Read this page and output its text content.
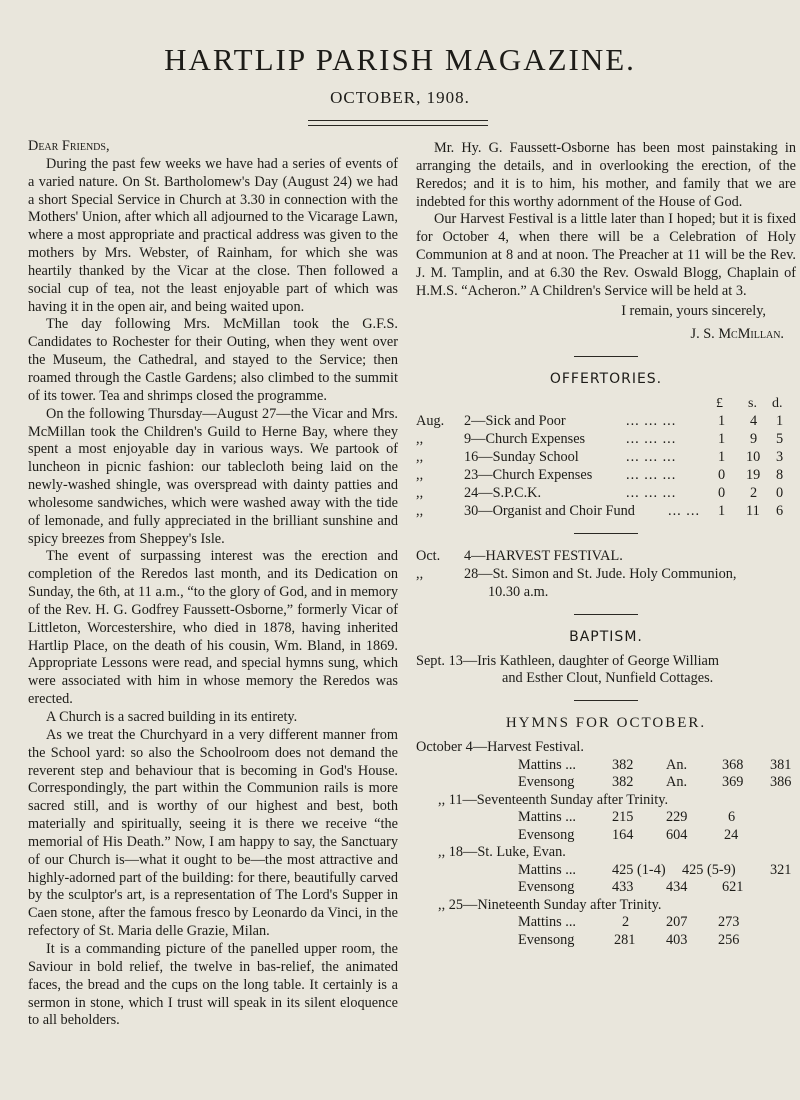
HARTLIP PARISH MAGAZINE.
OCTOBER, 1908.

Dear Friends,

During the past few weeks we have had a series of events of a varied nature. On St. Bartholomew's Day (August 24) we had a short Special Service in Church at 3.30 in connection with the Mothers' Union, after which all adjourned to the Vicarage Lawn, where a most appropriate and practical address was given to the mothers by Mrs. Webster, of Rainham, for which she was heartily thanked by the Vicar at the close. Then followed a social cup of tea, not the least enjoyable part of which was having it in the open air, and being waited upon.

The day following Mrs. McMillan took the G.F.S. Candidates to Rochester for their Outing, when they went over the Museum, the Cathedral, and stayed to the Service; then roamed through the Castle Gardens; also climbed to the summit of its tower. Tea and shrimps closed the programme.

On the following Thursday—August 27—the Vicar and Mrs. McMillan took the Children's Guild to Herne Bay, where they spent a most enjoyable day in various ways. We partook of luncheon in picnic fashion: our tablecloth being laid on the newly-washed shingle, was overspread with dainty patties and wholesome sandwiches, which were washed away with the tide of lemonade, and fully appreciated in the brilliant sunshine and spicy breezes from Sheppey's Isle.

The event of surpassing interest was the erection and completion of the Reredos last month, and its Dedication on Sunday, the 6th, at 11 a.m., “to the glory of God, and in memory of the Rev. H. G. Godfrey Faussett-Osborne,” formerly Vicar of Littleton, Worcestershire, who died in 1878, having inherited Hartlip Place, on the death of his cousin, Wm. Bland, in 1869. Appropriate Lessons were read, and special hymns sung, which were associated with him in whose memory the Reredos was erected.

A Church is a sacred building in its entirety.

As we treat the Churchyard in a very different manner from the School yard: so also the Schoolroom does not demand the reverent step and behaviour that is becoming in God's House. Correspondingly, the part within the Communion rails is more sacred still, and is worthy of our highest and best, both materially and spiritually, seeing it is there we receive “the memorial of His Death.” Now, I am happy to say, the Sanctuary of our Church is—what it ought to be—the most attractive and highly-adorned part of the building: for there, beautifully carved by the sculptor's art, is a representation of The Lord's Supper in Caen stone, after the famous fresco by Leonardo da Vinci, in the refectory of St. Maria delle Grazie, Milan.

It is a commanding picture of the panelled upper room, the Saviour in bold relief, the twelve in bas-relief, the animated faces, the bread and the cups on the long table. It certainly is a sermon in stone, which I trust will speak in its silent eloquence to all beholders.

Mr. Hy. G. Faussett-Osborne has been most painstaking in arranging the details, and in overlooking the erection, of the Reredos; and it is to him, his mother, and family that we are indebted for this worthy adornment of the House of God.

Our Harvest Festival is a little later than I hoped; but it is fixed for October 4, when there will be a Celebration of Holy Communion at 8 and at noon. The Preacher at 11 will be the Rev. J. M. Tamplin, and at 6.30 the Rev. Oswald Blogg, Chaplain of H.M.S. “Acheron.” A Children's Service will be held at 3.

I remain, yours sincerely,
J. S. McMillan.
OFFERTORIES.
£ s. d.
Aug. 2—Sick and Poor	... ... ...	1 4 1
,,	9—Church Expenses	... ... ...	1 9 5
,,	16—Sunday School	... ... ...	1 10 3
,,	23—Church Expenses ... ... ...	0 19 8
,,	24—S.P.C.K.	... ... ...	0 2 0
,,	30—Organist and Choir Fund ... ... 1 11 6
Oct.	4—HARVEST FESTIVAL.
,,	28—St. Simon and St. Jude. Holy Communion,
10.30 a.m.
BAPTISM.
Sept. 13—Iris Kathleen, daughter of George William
and Esther Clout, Nunfield Cottages.
HYMNS FOR OCTOBER.
October 4—Harvest Festival.
Mattins ...	382 An. 368 381
Evensong	382 An. 369 386
,, 11—Seventeenth Sunday after Trinity.
Mattins ...	215 229	6
Evensong	164 604	24
,, 18—St. Luke, Evan.
Mattins ...	425 (1-4) 425 (5-9) 321
Evensong	433 434 621
,, 25—Nineteenth Sunday after Trinity.
Mattins ...	2	207 273
Evensong	281 403 256
